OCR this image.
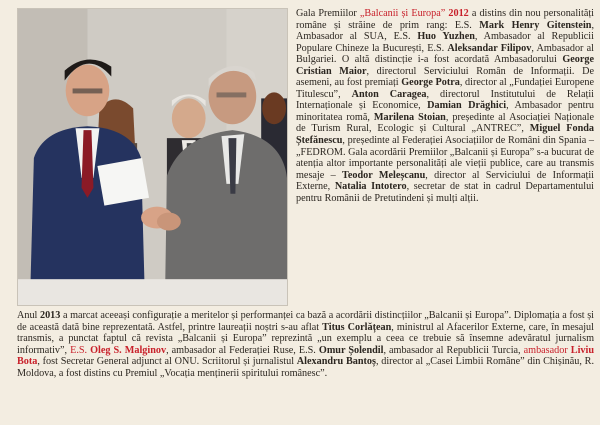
Gala Premiilor „Balcanii și Europa” 2012 a distins din nou personalități române și străine de prim rang: E.S. Mark Henry Gitenstein, Ambasador al SUA, E.S. Huo Yuzhen, Ambasador al Republicii Populare Chineze la București, E.S. Aleksandar Filipov, Ambasador al Bulgariei. O altă distincție i-a fost acordată Ambasadorului George Cristian Maior, directorul Serviciului Român de Informații. De asemeni, au fost premiați George Potra, director al „Fundației Europene Titulescu”, Anton Caragea, directorul Institutului de Relații Internaționale și Economice, Damian Drăghici, Ambasador pentru minoritatea romă, Marilena Stoian, președinte al Asociației Naționale de Turism Rural, Ecologic și Cultural „ANTREC”, Miguel Fonda Ștefănescu, președinte al Federației Asociațiilor de Români din Spania – „FEDROM. Gala acordării Premiilor „Balcanii și Europa” s-a bucurat de atenția altor importante personalități ale vieții publice, care au transmis mesaje – Teodor Meleșcanu, director al Serviciului de Informații Externe, Natalia Intotero, secretar de stat in cadrul Departamentului pentru Românii de Pretutindeni și mulți alții.

Anul 2013 a marcat aceeași configurație a meritelor și performanței ca bază a acordării distincțiilor „Balcanii și Europa”. Diplomația a fost și de această dată bine reprezentată. Astfel, printre laureații noștri s-au aflat Titus Corlățean, ministrul al Afacerilor Externe, care, în mesajul transmis, a punctat faptul că revista „Balcanii și Europa” reprezintă „un exemplu a ceea ce trebuie să însemne adevăratul jurnalism informativ”, E.S. Oleg S. Malginov, ambasador al Federației Ruse, E.S. Omur Șolendil, ambasador al Republicii Turcia, ambasador Liviu Bota, fost Secretar General adjunct al ONU. Scriitorul și jurnalistul Alexandru Bantoș, director al „Casei Limbii Române” din Chișinău, R. Moldova, a fost distins cu Premiul „Vocația menținerii spiritului românesc”.
